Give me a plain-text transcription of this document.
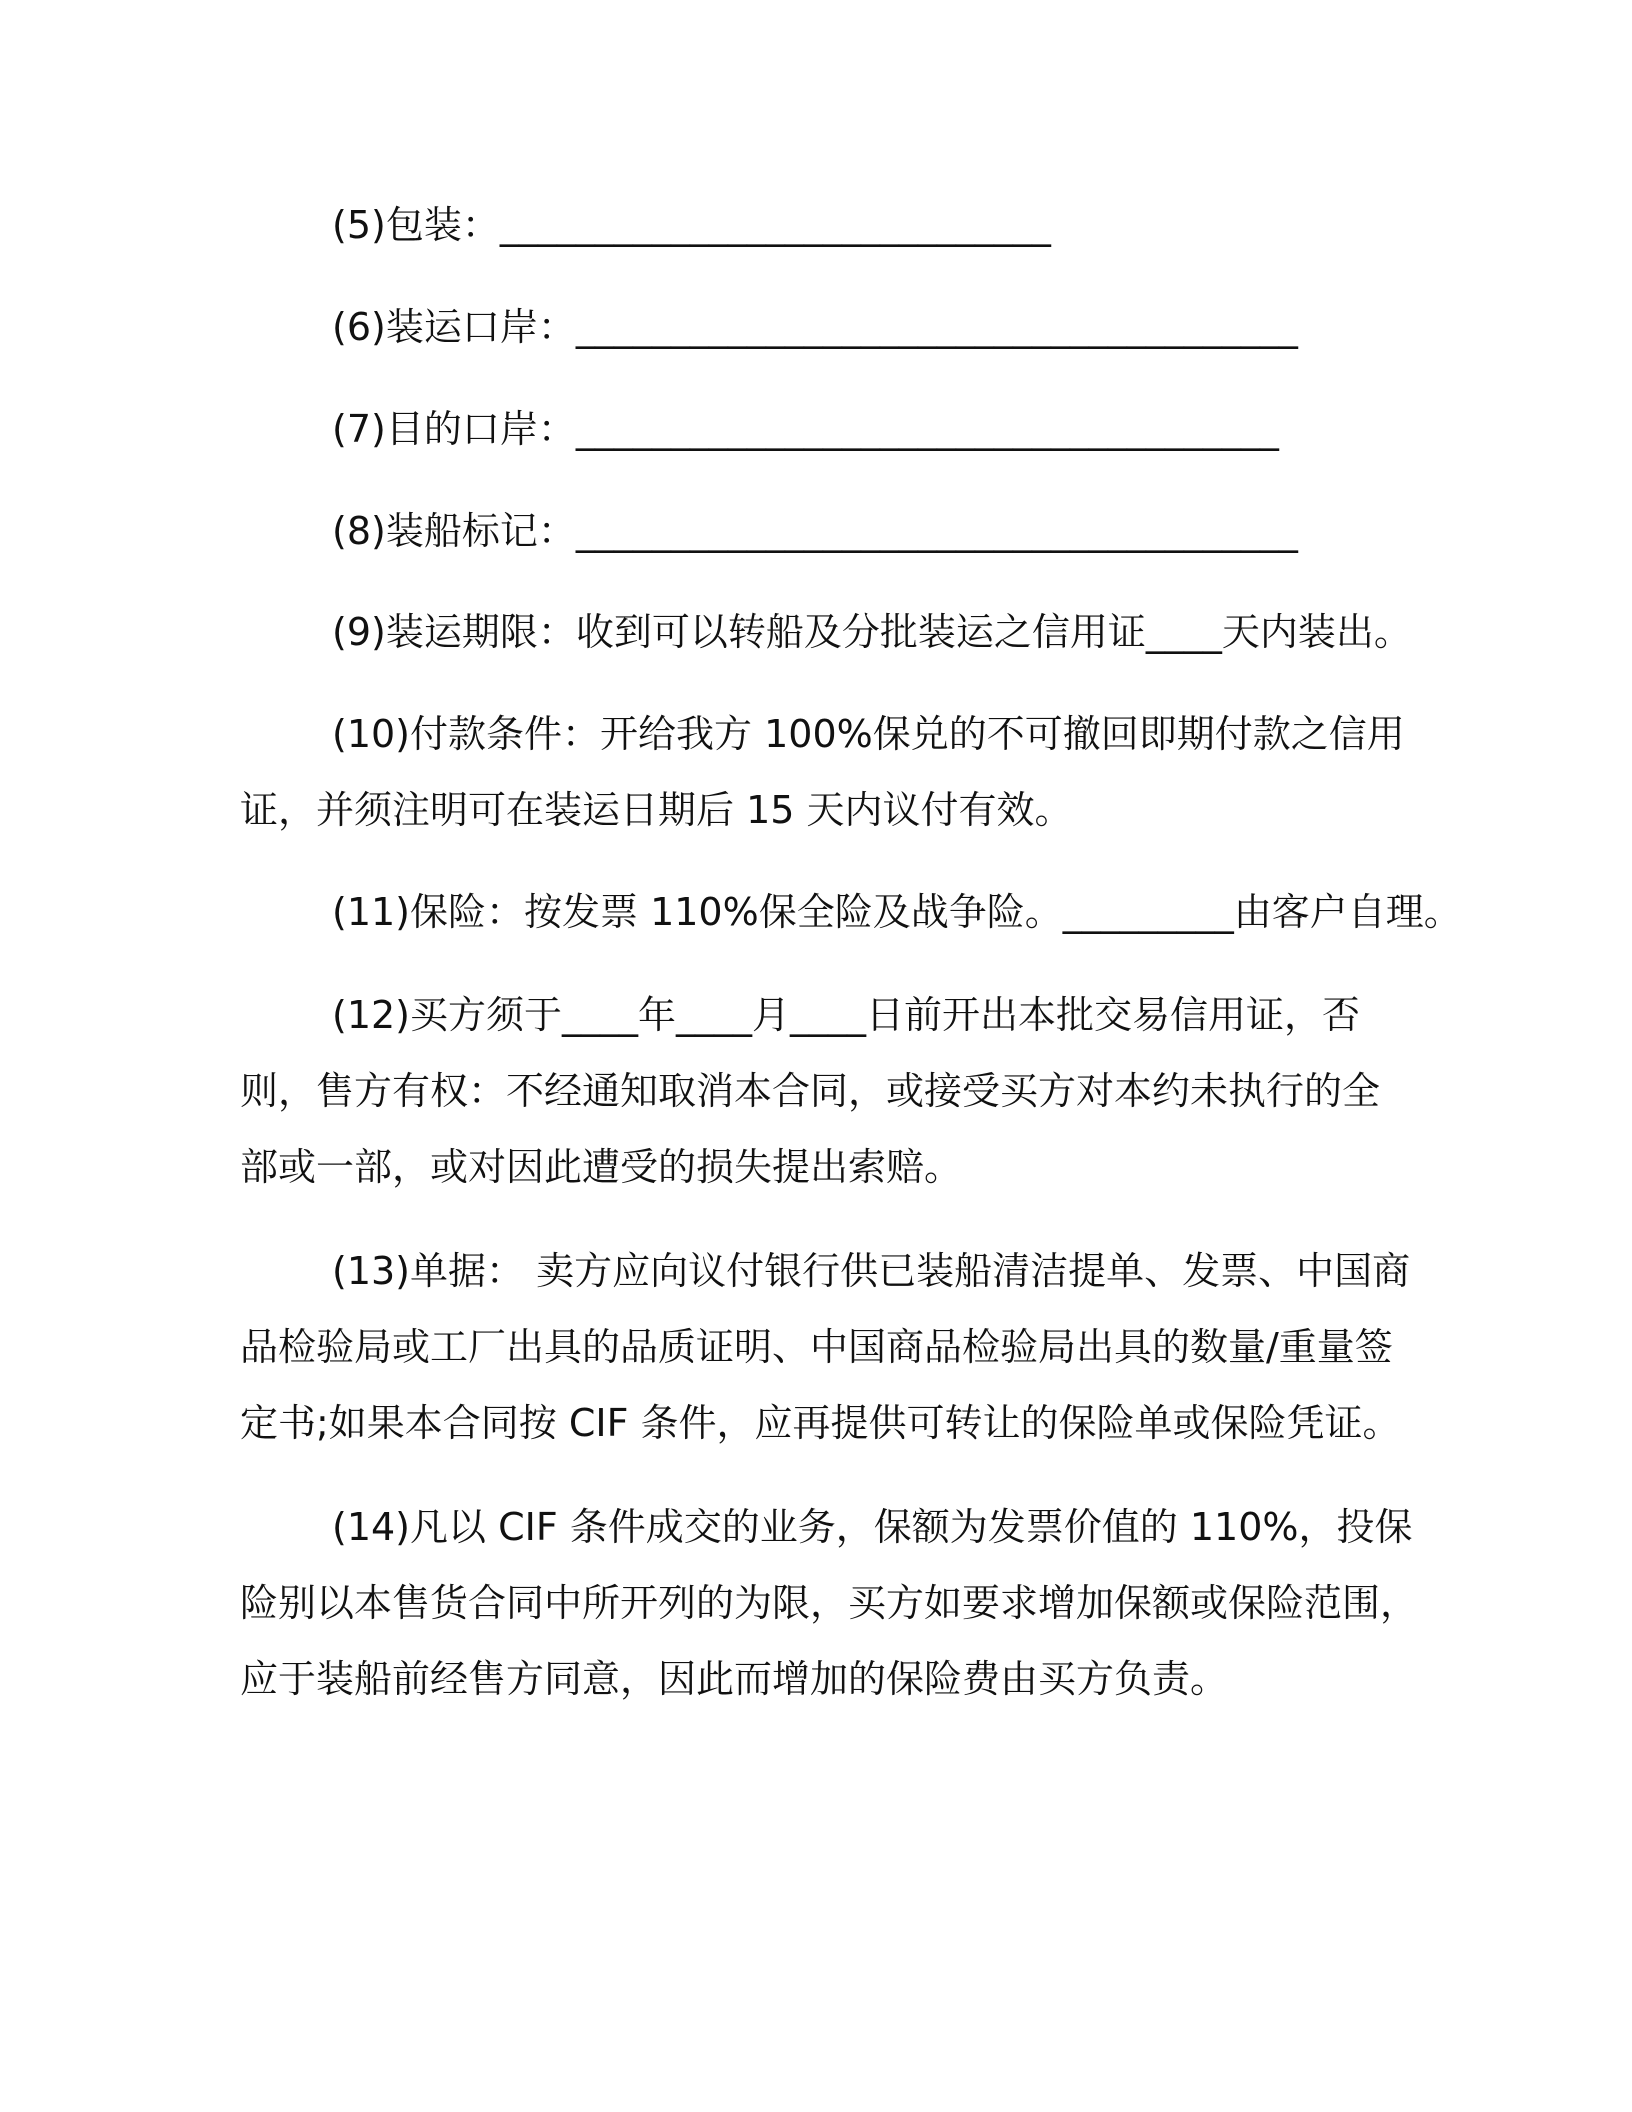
(5)包装：_____________________________
(6)装运口岸：______________________________________
(7)目的口岸：_____________________________________
(8)装船标记：______________________________________
(9)装运期限：收到可以转船及分批装运之信用证____天内装出。
(10)付款条件：开给我方 100%保兑的不可撤回即期付款之信用
证，并须注明可在装运日期后 15 天内议付有效。
(11)保险：按发票 110%保全险及战争险。_________由客户自理。
(12)买方须于____年____月____日前开出本批交易信用证，否
则，售方有权：不经通知取消本合同，或接受买方对本约未执行的全
部或一部，或对因此遭受的损失提出索赔。
(13)单据： 卖方应向议付银行供已装船清洁提单、发票、中国商
品检验局或工厂出具的品质证明、中国商品检验局出具的数量/重量签
定书;如果本合同按 CIF 条件，应再提供可转让的保险单或保险凭证。
(14)凡以 CIF 条件成交的业务，保额为发票价值的 110%，投保
险别以本售货合同中所开列的为限，买方如要求增加保额或保险范围，
应于装船前经售方同意，因此而增加的保险费由买方负责。
